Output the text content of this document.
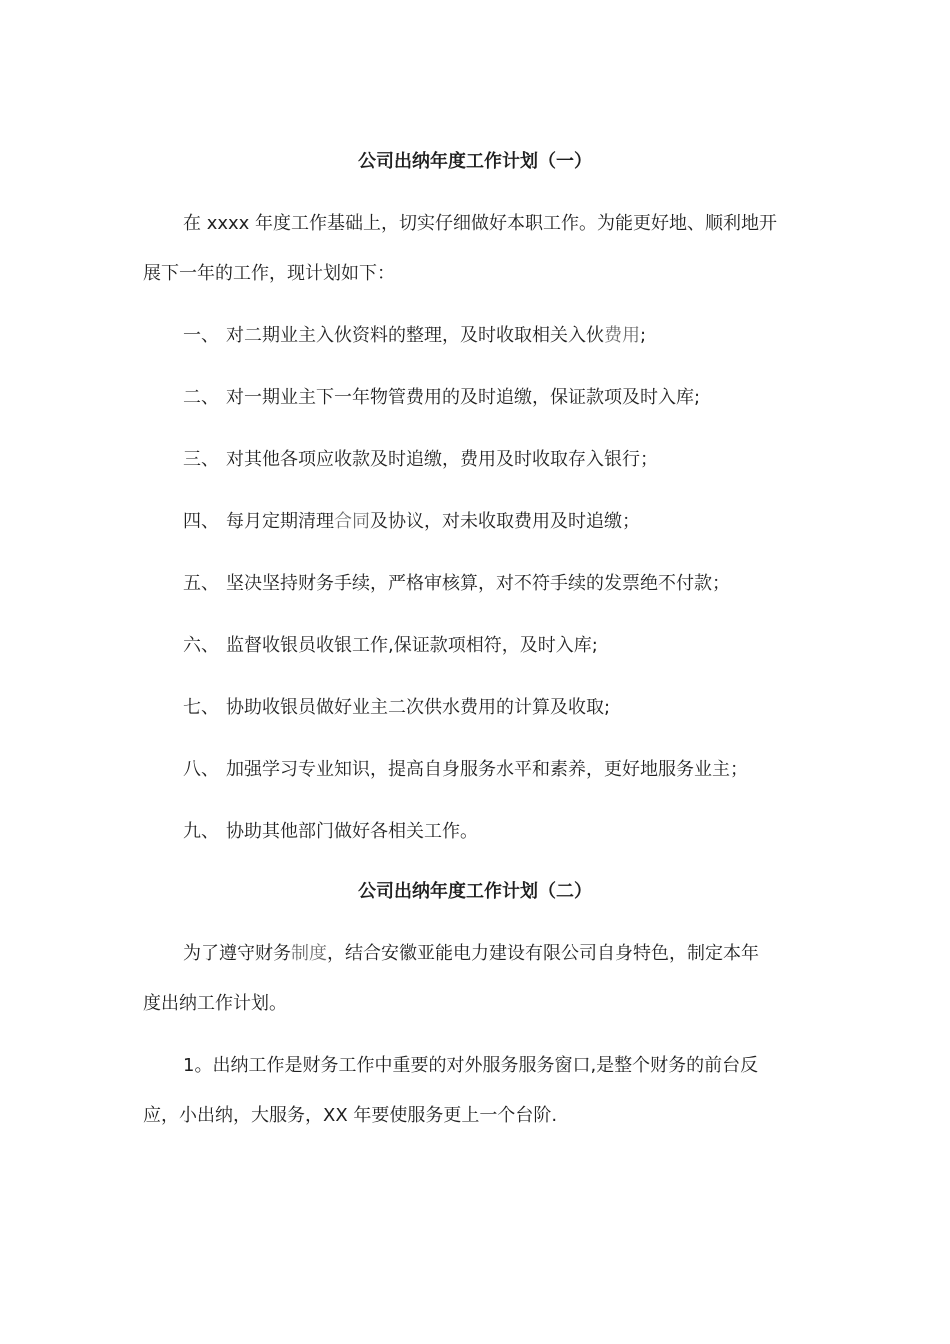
公司出纳年度工作计划（一）
在 xxxx 年度工作基础上，切实仔细做好本职工作。为能更好地、顺利地开
展下一年的工作，现计划如下：
一、 对二期业主入伙资料的整理，及时收取相关入伙费用;
二、 对一期业主下一年物管费用的及时追缴，保证款项及时入库;
三、 对其他各项应收款及时追缴，费用及时收取存入银行；
四、 每月定期清理合同及协议，对未收取费用及时追缴；
五、 坚决坚持财务手续，严格审核算，对不符手续的发票绝不付款；
六、 监督收银员收银工作,保证款项相符，及时入库;
七、 协助收银员做好业主二次供水费用的计算及收取;
八、 加强学习专业知识，提高自身服务水平和素养，更好地服务业主；
九、 协助其他部门做好各相关工作。
公司出纳年度工作计划（二）
为了遵守财务制度，结合安徽亚能电力建设有限公司自身特色，制定本年
度出纳工作计划。
1。出纳工作是财务工作中重要的对外服务服务窗口,是整个财务的前台反
应，小出纳，大服务，XX 年要使服务更上一个台阶.
